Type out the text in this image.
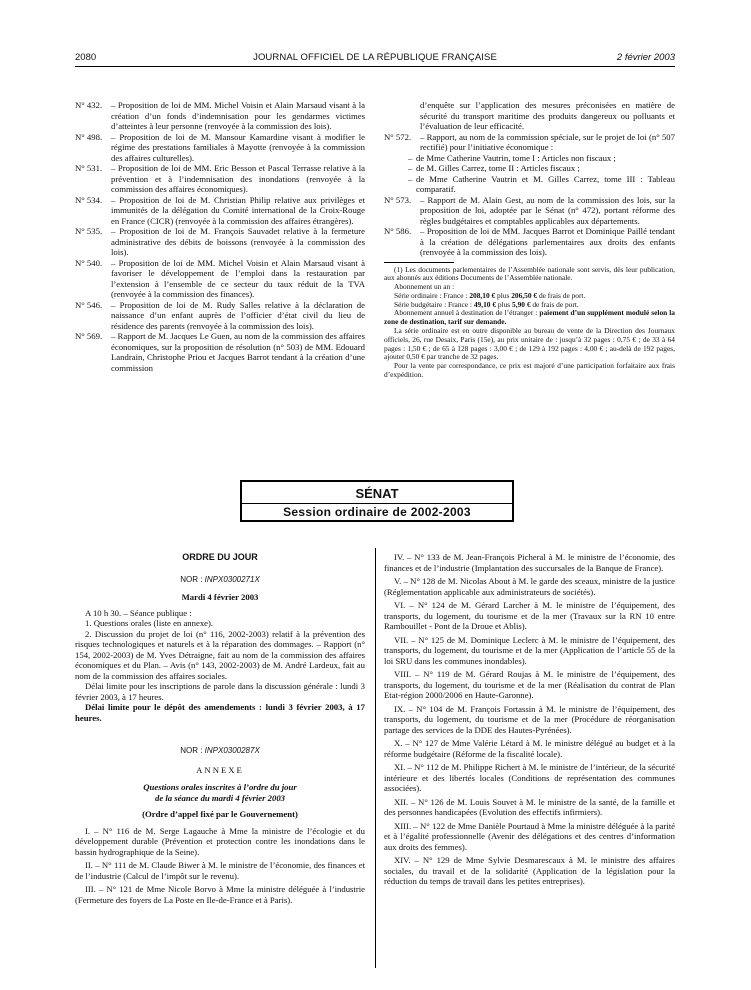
2080	JOURNAL OFFICIEL DE LA RÉPUBLIQUE FRANÇAISE	2 février 2003

N° 432. – Proposition de loi de MM. Michel Voisin et Alain Marsaud visant à la création d’un fonds d’indemnisation pour les gendarmes victimes d’atteintes à leur personne (renvoyée à la commission des lois).

N° 498. – Proposition de loi de M. Mansour Kamardine visant à modifier le régime des prestations familiales à Mayotte (renvoyée à la commission des affaires culturelles).

N° 531. – Proposition de loi de MM. Eric Besson et Pascal Terrasse relative à la prévention et à l’indemnisation des inondations (renvoyée à la commission des affaires économiques).

N° 534. – Proposition de loi de M. Christian Philip relative aux privilèges et immunités de la délégation du Comité international de la Croix-Rouge en France (CICR) (renvoyée à la commission des affaires étrangères).

N° 535. – Proposition de loi de M. François Sauvadet relative à la fermeture administrative des débits de boissons (renvoyée à la commission des lois).

N° 540. – Proposition de loi de MM. Michel Voisin et Alain Marsaud visant à favoriser le développement de l’emploi dans la restauration par l’extension à l’ensemble de ce secteur du taux réduit de la TVA (renvoyée à la commission des finances).

N° 546. – Proposition de loi de M. Rudy Salles relative à la déclaration de naissance d’un enfant auprès de l’officier d’état civil du lieu de résidence des parents (renvoyée à la commission des lois).

N° 569. – Rapport de M. Jacques Le Guen, au nom de la commission des affaires économiques, sur la proposition de résolution (n° 503) de MM. Edouard Landrain, Christophe Priou et Jacques Barrot tendant à la création d’une commission

d’enquête sur l’application des mesures préconisées en matière de sécurité du transport maritime des produits dangereux ou polluants et l’évaluation de leur efficacité.

N° 572. – Rapport, au nom de la commission spéciale, sur le projet de loi (n° 507 rectifié) pour l’initiative économique :

– de Mme Catherine Vautrin, tome I : Articles non fiscaux ;

– de M. Gilles Carrez, tome II : Articles fiscaux ;

– de Mme Catherine Vautrin et M. Gilles Carrez, tome III : Tableau comparatif.

N° 573. – Rapport de M. Alain Gest, au nom de la commission des lois, sur la proposition de loi, adoptée par le Sénat (n° 472), portant réforme des règles budgétaires et comptables applicables aux départements.

N° 586. – Proposition de loi de MM. Jacques Barrot et Dominique Paillé tendant à la création de délégations parlementaires aux droits des enfants (renvoyée à la commission des lois).

(1) Les documents parlementaires de l’Assemblée nationale sont servis, dès leur publication, aux abonnés aux éditions Documents de l’Assemblée nationale.

Abonnement un an :

Série ordinaire : France : 208,10 € plus 206,50 € de frais de port.

Série budgétaire : France : 49,10 € plus 5,90 € de frais de port.

Abonnement annuel à destination de l’étranger : paiement d’un supplément modulé selon la zone de destination, tarif sur demande.

La série ordinaire est en outre disponible au bureau de vente de la Direction des Journaux officiels, 26, rue Desaix, Paris (15e), au prix unitaire de : jusqu’à 32 pages : 0,75 € ; de 33 à 64 pages : 1,50 € ; de 65 à 128 pages : 3,00 € ; de 129 à 192 pages : 4,00 € ; au-delà de 192 pages, ajouter 0,50 € par tranche de 32 pages.

Pour la vente par correspondance, ce prix est majoré d’une participation forfaitaire aux frais d’expédition.

SÉNAT
Session ordinaire de 2002-2003

ORDRE DU JOUR

NOR : INPX0300271X

Mardi 4 février 2003

A 10 h 30. – Séance publique :

1. Questions orales (liste en annexe).

2. Discussion du projet de loi (n° 116, 2002-2003) relatif à la prévention des risques technologiques et naturels et à la réparation des dommages. – Rapport (n° 154, 2002-2003) de M. Yves Détraigne, fait au nom de la commission des affaires économiques et du Plan. – Avis (n° 143, 2002-2003) de M. André Lardeux, fait au nom de la commission des affaires sociales.

Délai limite pour les inscriptions de parole dans la discussion générale : lundi 3 février 2003, à 17 heures.

Délai limite pour le dépôt des amendements : lundi 3 février 2003, à 17 heures.

NOR : INPX0300287X

ANNEXE

Questions orales inscrites à l’ordre du jour

de la séance du mardi 4 février 2003

(Ordre d’appel fixé par le Gouvernement)

I. – N° 116 de M. Serge Lagauche à Mme la ministre de l’écologie et du développement durable (Prévention et protection contre les inondations dans le bassin hydrographique de la Seine).

II. – N° 111 de M. Claude Biwer à M. le ministre de l’économie, des finances et de l’industrie (Calcul de l’impôt sur le revenu).

III. – N° 121 de Mme Nicole Borvo à Mme la ministre déléguée à l’industrie (Fermeture des foyers de La Poste en Ile-de-France et à Paris).

IV. – N° 133 de M. Jean-François Picheral à M. le ministre de l’économie, des finances et de l’industrie (Implantation des succursales de la Banque de France).

V. – N° 128 de M. Nicolas About à M. le garde des sceaux, ministre de la justice (Réglementation applicable aux administrateurs de sociétés).

VI. – N° 124 de M. Gérard Larcher à M. le ministre de l’équipement, des transports, du logement, du tourisme et de la mer (Travaux sur la RN 10 entre Rambouillet - Pont de la Droue et Ablis).

VII. – N° 125 de M. Dominique Leclerc à M. le ministre de l’équipement, des transports, du logement, du tourisme et de la mer (Application de l’article 55 de la loi SRU dans les communes inondables).

VIII. – N° 119 de M. Gérard Roujas à M. le ministre de l’équipement, des transports, du logement, du tourisme et de la mer (Réalisation du contrat de Plan Etat-région 2000/2006 en Haute-Garonne).

IX. – N° 104 de M. François Fortassin à M. le ministre de l’équipement, des transports, du logement, du tourisme et de la mer (Procédure de réorganisation partage des services de la DDE des Hautes-Pyrénées).

X. – N° 127 de Mme Valérie Létard à M. le ministre délégué au budget et à la réforme budgétaire (Réforme de la fiscalité locale).

XI. – N° 112 de M. Philippe Richert à M. le ministre de l’intérieur, de la sécurité intérieure et des libertés locales (Conditions de représentation des communes associées).

XII. – N° 126 de M. Louis Souvet à M. le ministre de la santé, de la famille et des personnes handicapées (Evolution des effectifs infirmiers).

XIII. – N° 122 de Mme Danièle Pourtaud à Mme la ministre déléguée à la parité et à l’égalité professionnelle (Avenir des délégations et des centres d’information aux droits des femmes).

XIV. – N° 129 de Mme Sylvie Desmarescaux à M. le ministre des affaires sociales, du travail et de la solidarité (Application de la législation pour la réduction du temps de travail dans les petites entreprises).
